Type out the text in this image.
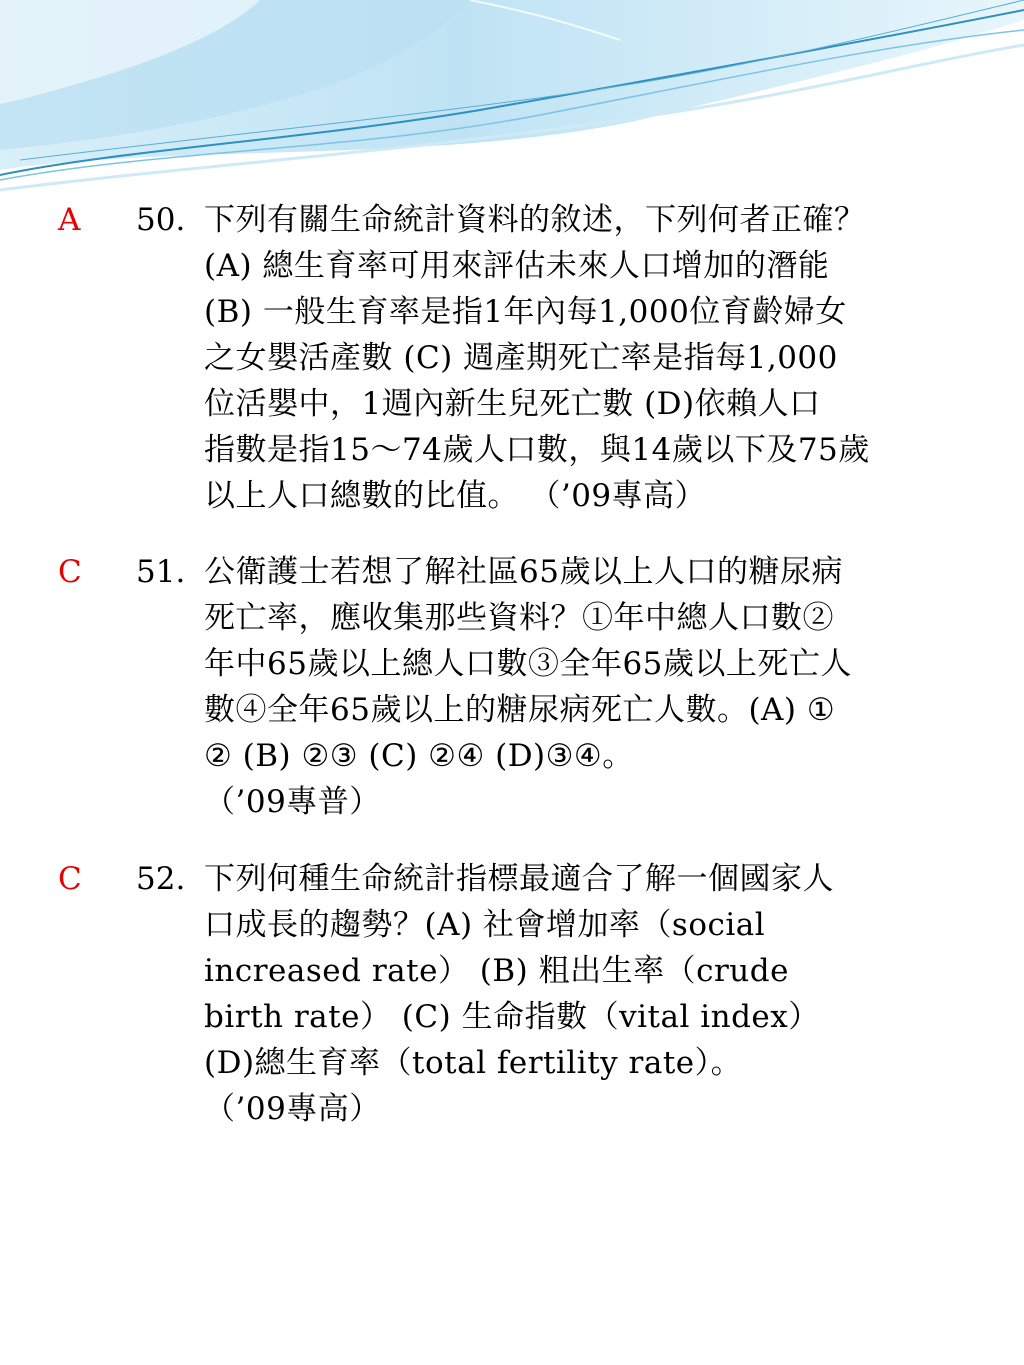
A 50. 下列有關生命統計資料的敘述，下列何者正確？
(A) 總生育率可用來評估未來人口增加的潛能
(B) 一般生育率是指1年內每1,000位育齡婦女
之女嬰活產數 (C) 週產期死亡率是指每1,000
位活嬰中，1週內新生兒死亡數 (D)依賴人口
指數是指15～74歲人口數，與14歲以下及75歲
以上人口總數的比值。 （’09專高）
C 51. 公衛護士若想了解社區65歲以上人口的糖尿病
死亡率，應收集那些資料？①年中總人口數②
年中65歲以上總人口數③全年65歲以上死亡人
數④全年65歲以上的糖尿病死亡人數。(A) ①
② (B) ②③ (C) ②④ (D)③④。
（’09專普）
C 52. 下列何種生命統計指標最適合了解一個國家人
口成長的趨勢？(A) 社會增加率（social
increased rate） (B) 粗出生率（crude
birth rate） (C) 生命指數（vital index）
(D)總生育率（total fertility rate）。
（’09專高）
